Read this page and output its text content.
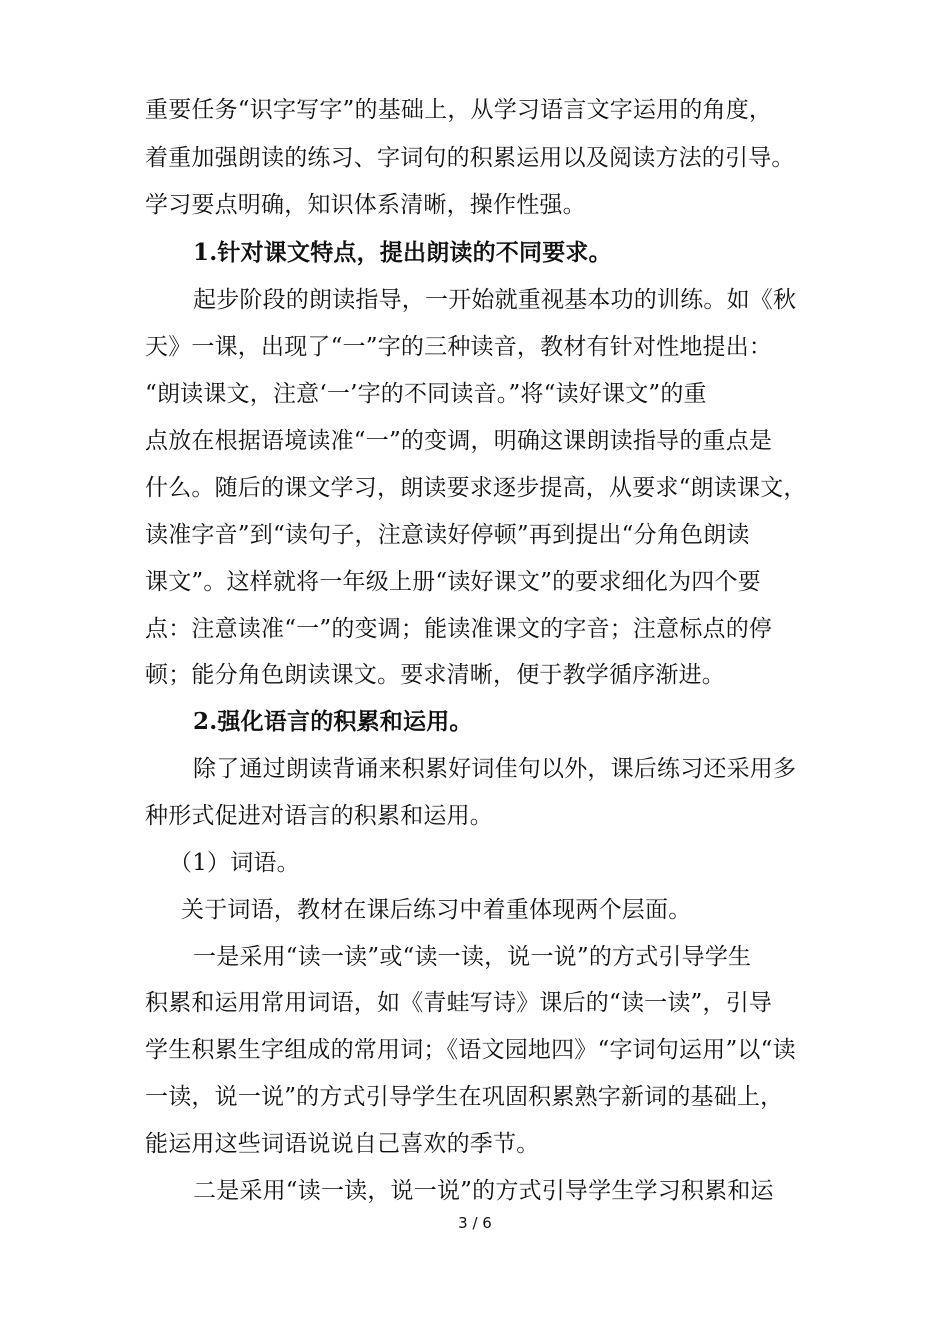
重要任务“识字写字”的基础上，从学习语言文字运用的角度，
着重加强朗读的练习、字词句的积累运用以及阅读方法的引导。
学习要点明确，知识体系清晰，操作性强。
1.针对课文特点，提出朗读的不同要求。
起步阶段的朗读指导，一开始就重视基本功的训练。如《秋
天》一课，出现了“一”字的三种读音，教材有针对性地提出：
“朗读课文，注意‘一’字的不同读音。”将“读好课文”的重
点放在根据语境读准“一”的变调，明确这课朗读指导的重点是
什么。随后的课文学习，朗读要求逐步提高，从要求“朗读课文，
读准字音”到“读句子，注意读好停顿”再到提出“分角色朗读
课文”。这样就将一年级上册“读好课文”的要求细化为四个要
点：注意读准“一”的变调；能读准课文的字音；注意标点的停
顿；能分角色朗读课文。要求清晰，便于教学循序渐进。
2.强化语言的积累和运用。
除了通过朗读背诵来积累好词佳句以外，课后练习还采用多
种形式促进对语言的积累和运用。
（1）词语。
关于词语，教材在课后练习中着重体现两个层面。
一是采用“读一读”或“读一读，说一说”的方式引导学生
积累和运用常用词语，如《青蛙写诗》课后的“读一读”，引导
学生积累生字组成的常用词；《语文园地四》“字词句运用”以“读
一读，说一说”的方式引导学生在巩固积累熟字新词的基础上，
能运用这些词语说说自己喜欢的季节。
二是采用“读一读，说一说”的方式引导学生学习积累和运
3 / 6
